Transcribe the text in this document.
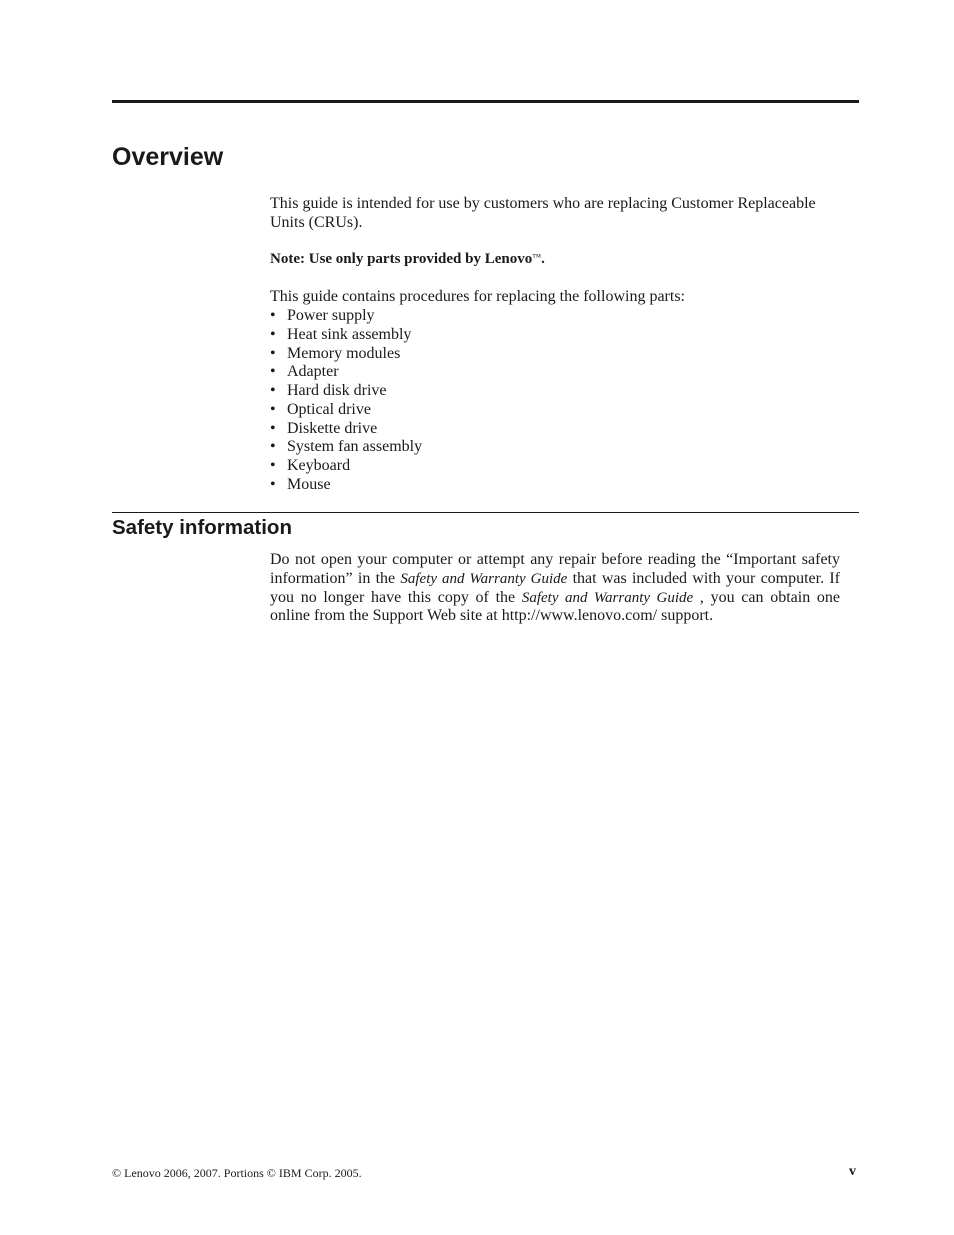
Overview

This guide is intended for use by customers who are replacing Customer Replaceable Units (CRUs).

Note: Use only parts provided by Lenovo™.

This guide contains procedures for replacing the following parts:

• Power supply
• Heat sink assembly
• Memory modules
• Adapter
• Hard disk drive
• Optical drive
• Diskette drive
• System fan assembly
• Keyboard
• Mouse
Safety information

Do not open your computer or attempt any repair before reading the “Important safety information” in the Safety and Warranty Guide that was included with your computer. If you no longer have this copy of the Safety and Warranty Guide , you can obtain one online from the Support Web site at http://www.lenovo.com/ support.

© Lenovo 2006, 2007. Portions © IBM Corp. 2005.	v
